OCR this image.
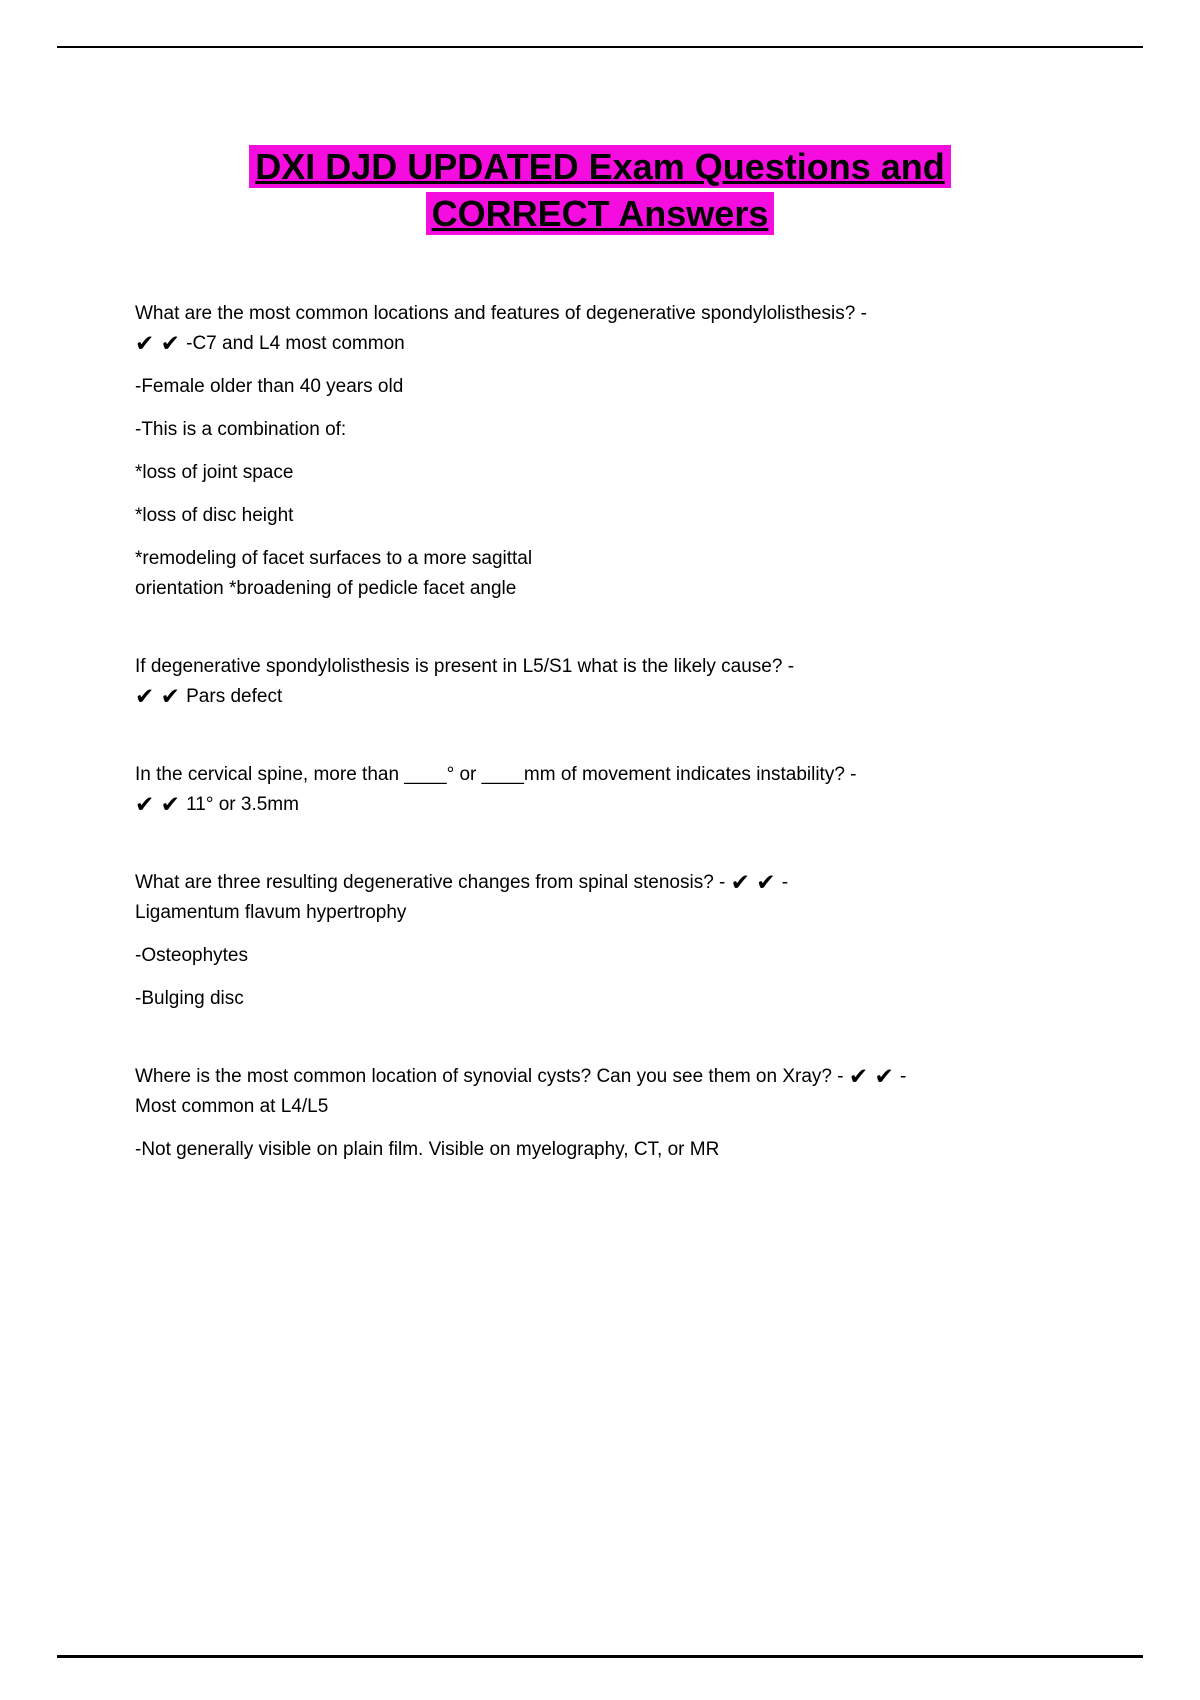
DXI DJD UPDATED Exam Questions and
CORRECT Answers
What are the most common locations and features of degenerative spondylolisthesis? -
✔ ✔ -C7 and L4 most common
-Female older than 40 years old
-This is a combination of:
*loss of joint space
*loss of disc height
*remodeling of facet surfaces to a more sagittal
orientation *broadening of pedicle facet angle
If degenerative spondylolisthesis is present in L5/S1 what is the likely cause? -
✔ ✔ Pars defect
In the cervical spine, more than ____° or ____mm of movement indicates instability? -
✔ ✔ 11° or 3.5mm
What are three resulting degenerative changes from spinal stenosis? - ✔ ✔ -
Ligamentum flavum hypertrophy
-Osteophytes
-Bulging disc
Where is the most common location of synovial cysts? Can you see them on Xray? - ✔ ✔ -
Most common at L4/L5
-Not generally visible on plain film. Visible on myelography, CT, or MR
